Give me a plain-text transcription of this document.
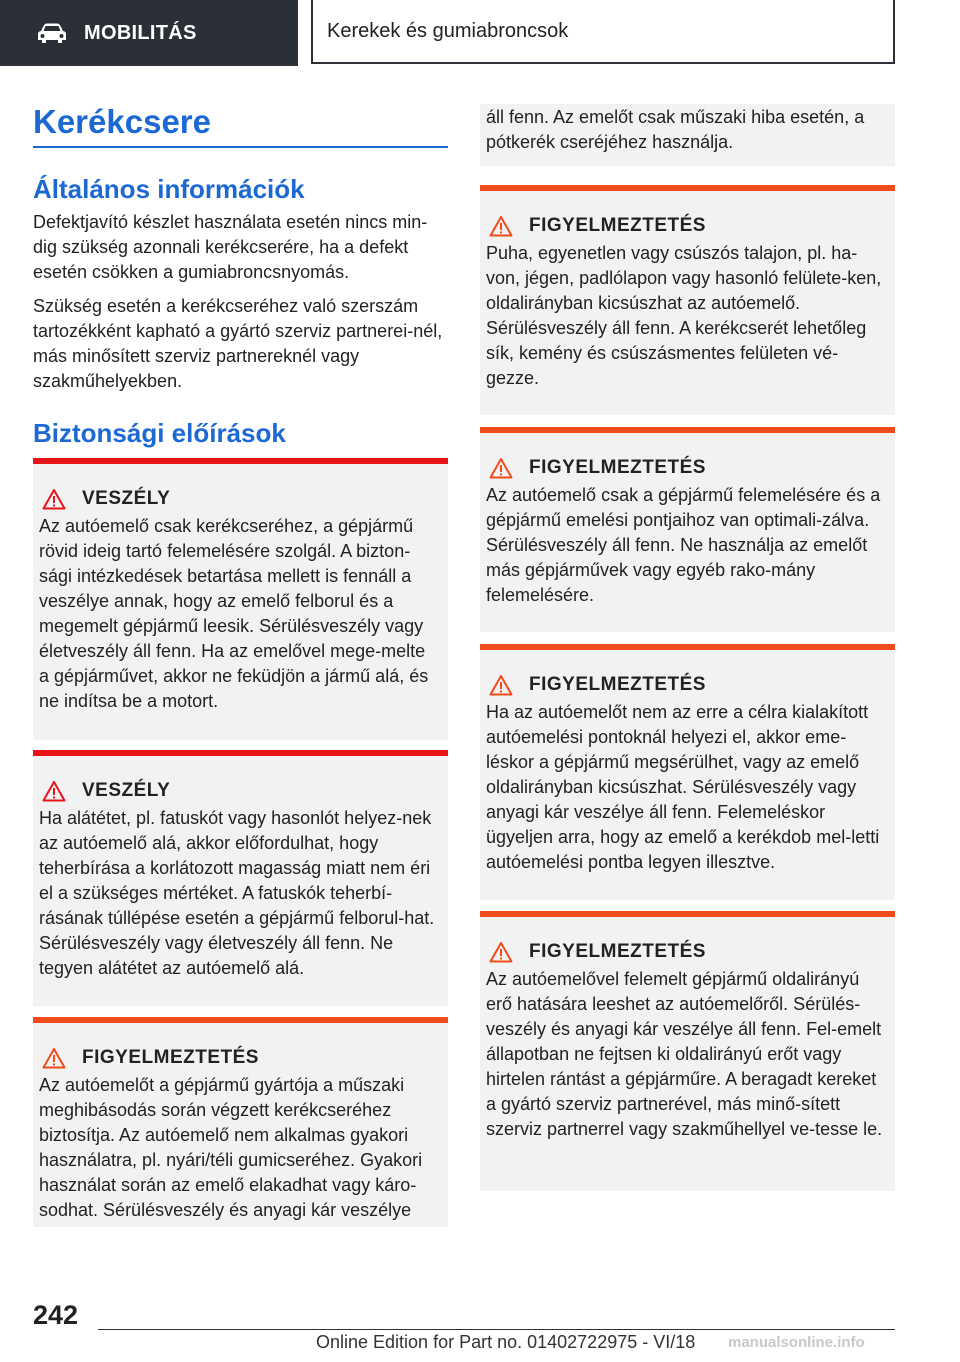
MOBILITÁS	Kerekek és gumiabroncsok
Kerékcsere
Általános információk

Defektjavító készlet használata esetén nincs min-dig szükség azonnali kerékcserére, ha a defekt esetén csökken a gumiabroncsnyomás.

Szükség esetén a kerékcseréhez való szerszám tartozékként kapható a gyártó szerviz partnerei-nél, más minősített szerviz partnereknél vagy szakműhelyekben.

Biztonsági előírások
VESZÉLY

Az autóemelő csak kerékcseréhez, a gépjármű rövid ideig tartó felemelésére szolgál. A bizton-sági intézkedések betartása mellett is fennáll a veszélye annak, hogy az emelő felborul és a megemelt gépjármű leesik. Sérülésveszély vagy életveszély áll fenn. Ha az emelővel mege-melte a gépjárművet, akkor ne feküdjön a jármű alá, és ne indítsa be a motort.

VESZÉLY

Ha alátétet, pl. fatuskót vagy hasonlót helyez-nek az autóemelő alá, akkor előfordulhat, hogy teherbírása a korlátozott magasság miatt nem éri el a szükséges mértéket. A fatuskók teherbí-rásának túllépése esetén a gépjármű felborul-hat. Sérülésveszély vagy életveszély áll fenn. Ne tegyen alátétet az autóemelő alá.

FIGYELMEZTETÉS

Az autóemelőt a gépjármű gyártója a műszaki meghibásodás során végzett kerékcseréhez biztosítja. Az autóemelő nem alkalmas gyakori használatra, pl. nyári/téli gumicseréhez. Gyakori használat során az emelő elakadhat vagy káro-sodhat. Sérülésveszély és anyagi kár veszélye

áll fenn. Az emelőt csak műszaki hiba esetén, a pótkerék cseréjéhez használja.

FIGYELMEZTETÉS

Puha, egyenetlen vagy csúszós talajon, pl. ha-von, jégen, padlólapon vagy hasonló felülete-ken, oldalirányban kicsúszhat az autóemelő. Sérülésveszély áll fenn. A kerékcserét lehetőleg sík, kemény és csúszásmentes felületen vé-gezze.

FIGYELMEZTETÉS

Az autóemelő csak a gépjármű felemelésére és a gépjármű emelési pontjaihoz van optimali-zálva. Sérülésveszély áll fenn. Ne használja az emelőt más gépjárművek vagy egyéb rako-mány felemelésére.

FIGYELMEZTETÉS

Ha az autóemelőt nem az erre a célra kialakított autóemelési pontoknál helyezi el, akkor eme-léskor a gépjármű megsérülhet, vagy az emelő oldalirányban kicsúszhat. Sérülésveszély vagy anyagi kár veszélye áll fenn. Felemeléskor ügyeljen arra, hogy az emelő a kerékdob mel-letti autóemelési pontba legyen illesztve.

FIGYELMEZTETÉS

Az autóemelővel felemelt gépjármű oldalirányú erő hatására leeshet az autóemelőről. Sérülés-veszély és anyagi kár veszélye áll fenn. Fel-emelt állapotban ne fejtsen ki oldalirányú erőt vagy hirtelen rántást a gépjárműre. A beragadt kereket a gyártó szerviz partnerével, más minő-sített szerviz partnerrel vagy szakműhellyel ve-tesse le.

242
Online Edition for Part no. 01402722975 - VI/18 manualsonline.info
